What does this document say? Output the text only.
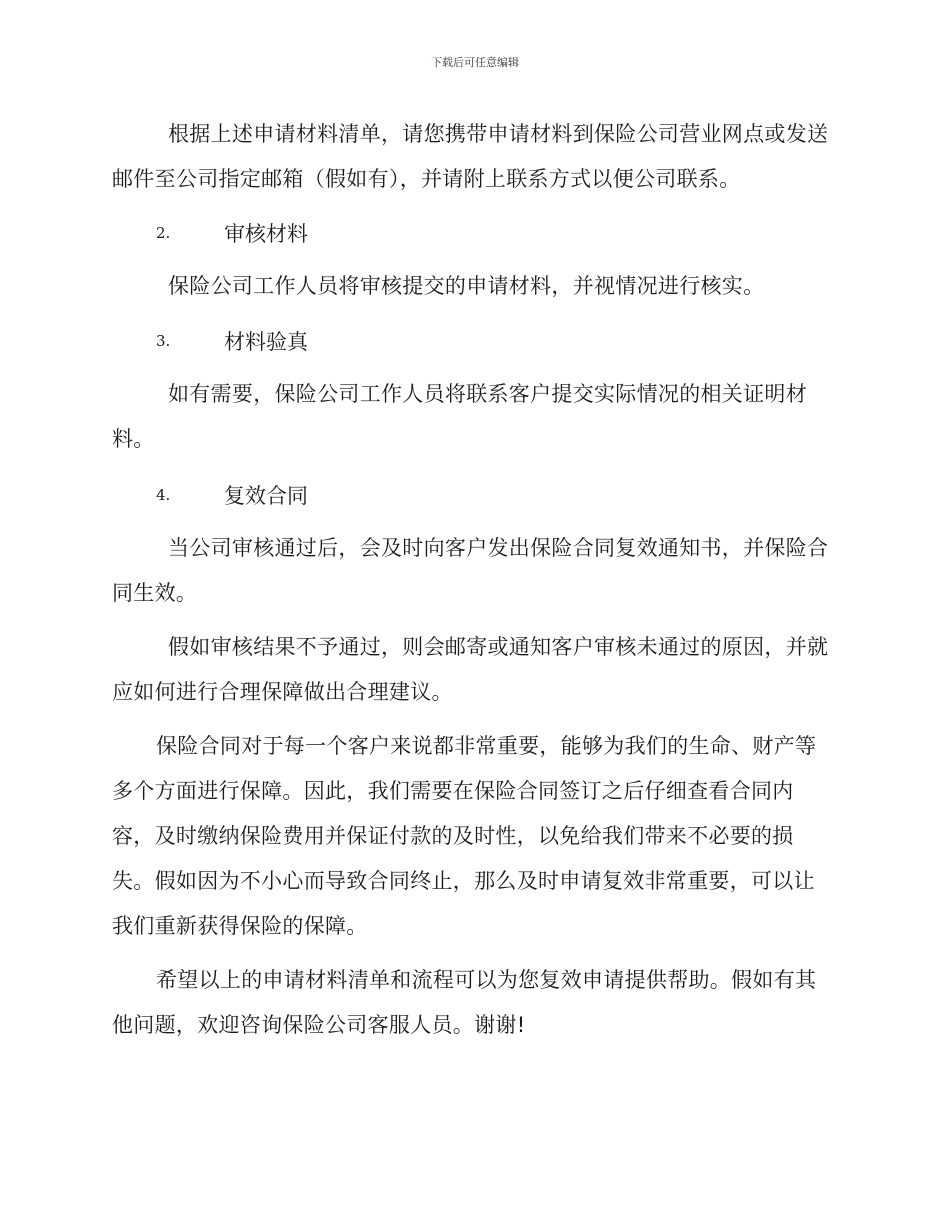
下载后可任意编辑

根据上述申请材料清单，请您携带申请材料到保险公司营业网点或发送邮件至公司指定邮箱（假如有），并请附上联系方式以便公司联系。

2.	审核材料

保险公司工作人员将审核提交的申请材料，并视情况进行核实。

3.	材料验真

如有需要，保险公司工作人员将联系客户提交实际情况的相关证明材料。

4.	复效合同

当公司审核通过后，会及时向客户发出保险合同复效通知书，并保险合同生效。

假如审核结果不予通过，则会邮寄或通知客户审核未通过的原因，并就应如何进行合理保障做出合理建议。

保险合同对于每一个客户来说都非常重要，能够为我们的生命、财产等多个方面进行保障。因此，我们需要在保险合同签订之后仔细查看合同内容，及时缴纳保险费用并保证付款的及时性，以免给我们带来不必要的损失。假如因为不小心而导致合同终止，那么及时申请复效非常重要，可以让我们重新获得保险的保障。

希望以上的申请材料清单和流程可以为您复效申请提供帮助。假如有其他问题，欢迎咨询保险公司客服人员。谢谢!
